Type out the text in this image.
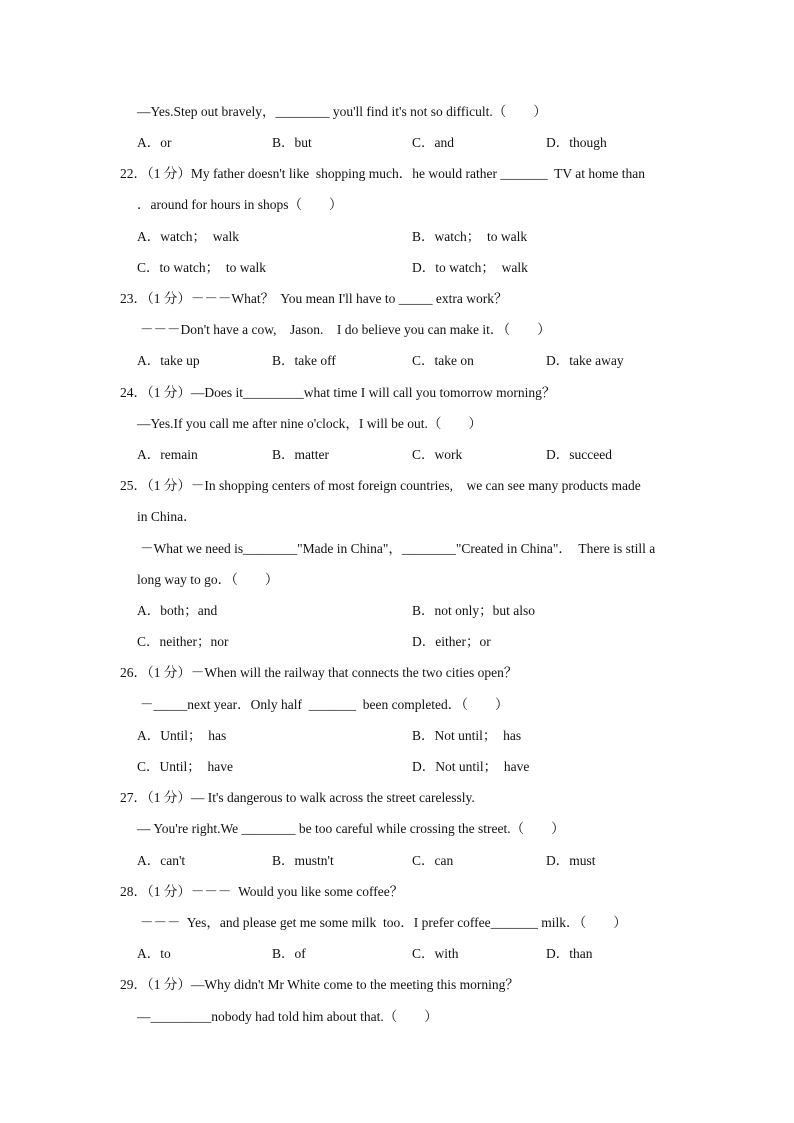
—Yes.Step out bravely，________ you'll find it's not so difficult.（　　）
A．or	B．but	C．and	D．though
22．（1 分）My father doesn't like  shopping much．he would rather _______  TV at home than
．around for hours in shops（　　）
A．watch；  walk	B．watch；  to walk
C．to watch；  to walk	D．to watch；  walk
23．（1 分）－－－What？  You mean I'll have to _____ extra work？
－－－Don't have a cow,    Jason.    I do believe you can make it．（　　）
A．take up	B．take off	C．take on	D．take away
24．（1 分）—Does it_________what time I will call you tomorrow morning？
—Yes.If you call me after nine o'clock，I will be out.（　　）
A．remain	B．matter	C．work	D．succeed
25．（1 分）－In shopping centers of most foreign countries,    we can see many products made
in China．
－What we need is________"Made in China"，________"Created in China"．  There is still a
long way to go．（　　）
A．both；and	B．not only；but also
C．neither；nor	D．either；or
26．（1 分）－When will the railway that connects the two cities open？
－_____next year．Only half  _______  been completed．（　　）
A．Until；  has	B．Not until；  has
C．Until；  have	D．Not until；  have
27．（1 分）— It's dangerous to walk across the street carelessly.
— You're right.We ________ be too careful while crossing the street.（　　）
A．can't	B．mustn't	C．can	D．must
28．（1 分）－－－  Would you like some coffee？
－－－  Yes，and please get me some milk  too．I prefer coffee_______ milk．（　　）
A．to	B．of	C．with	D．than
29．（1 分）—Why didn't Mr White come to the meeting this morning？
—_________nobody had told him about that.（　　）
